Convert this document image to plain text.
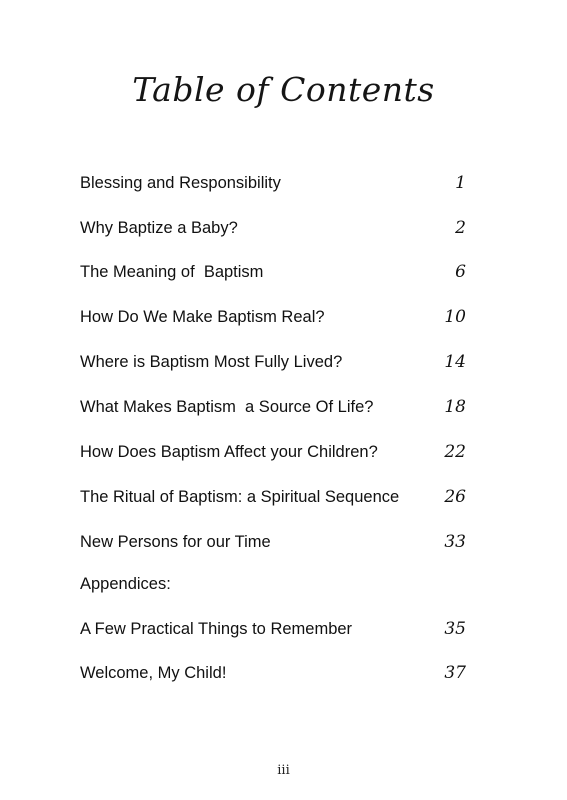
Table of Contents
Blessing and Responsibility	1
Why Baptize a Baby?	2
The Meaning of  Baptism	6
How Do We Make Baptism Real?	10
Where is Baptism Most Fully Lived?	14
What Makes Baptism  a Source Of Life?	18
How Does Baptism Affect your Children?	22
The Ritual of Baptism: a Spiritual Sequence	26
New Persons for our Time	33
Appendices:
A Few Practical Things to Remember	35
Welcome, My Child!	37
iii
